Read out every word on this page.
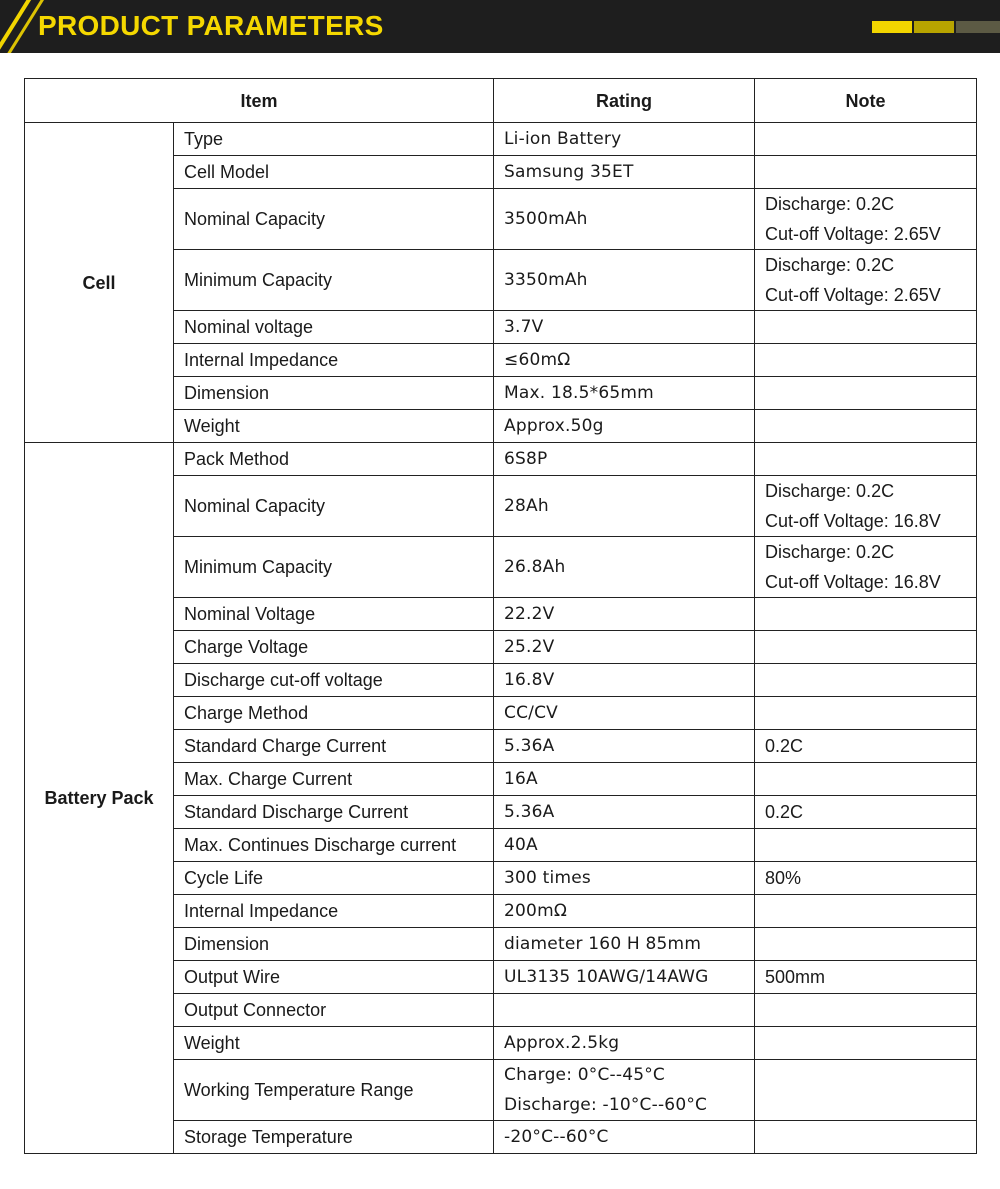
PRODUCT PARAMETERS
Item		Rating	Note
Cell	Type	Li-ion Battery	

	Cell Model	Samsung 35ET	

	Nominal Capacity	3500mAh	Discharge: 0.2C
Cut-off Voltage: 2.65V

	Minimum Capacity	3350mAh	Discharge: 0.2C
Cut-off Voltage: 2.65V

	Nominal voltage	3.7V	

	Internal Impedance	≤60mΩ	

	Dimension	Max. 18.5*65mm	

	Weight	Approx.50g	

Battery Pack	Pack Method	6S8P	

	Nominal Capacity	28Ah	Discharge: 0.2C
Cut-off Voltage: 16.8V

	Minimum Capacity	26.8Ah	Discharge: 0.2C
Cut-off Voltage: 16.8V

	Nominal Voltage	22.2V	

	Charge Voltage	25.2V	

	Discharge cut-off voltage	16.8V	

	Charge Method	CC/CV	

	Standard Charge Current	5.36A	0.2C

	Max. Charge Current	16A	

	Standard Discharge Current	5.36A	0.2C

	Max. Continues Discharge current	40A	

	Cycle Life	300 times	80%

	Internal Impedance	200mΩ	

	Dimension	diameter 160 H 85mm	

	Output Wire	UL3135 10AWG/14AWG	500mm

	Output Connector		
	Weight	Approx.2.5kg	

	Working Temperature Range	Charge: 0°C--45°C
Discharge: -10°C--60°C	

	Storage Temperature	-20°C--60°C	
